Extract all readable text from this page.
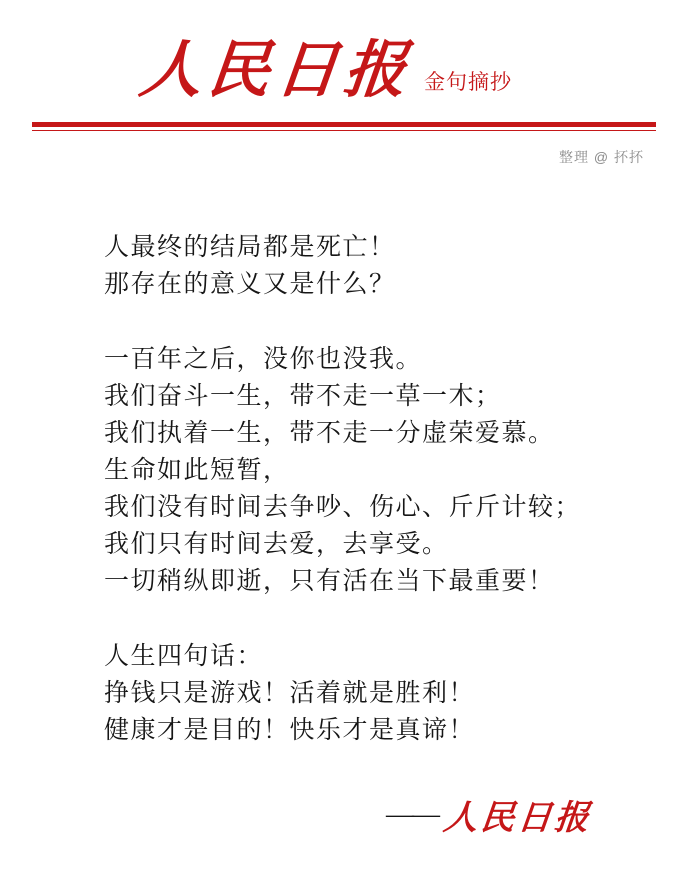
人民日报 金句摘抄
整理 @ 抔抔
人最终的结局都是死亡！
那存在的意义又是什么？
一百年之后，没你也没我。
我们奋斗一生，带不走一草一木；
我们执着一生，带不走一分虚荣爱慕。
生命如此短暂，
我们没有时间去争吵、伤心、斤斤计较；
我们只有时间去爱，去享受。
一切稍纵即逝，只有活在当下最重要！
人生四句话：
挣钱只是游戏！活着就是胜利！
健康才是目的！快乐才是真谛！
—— 人民日报
